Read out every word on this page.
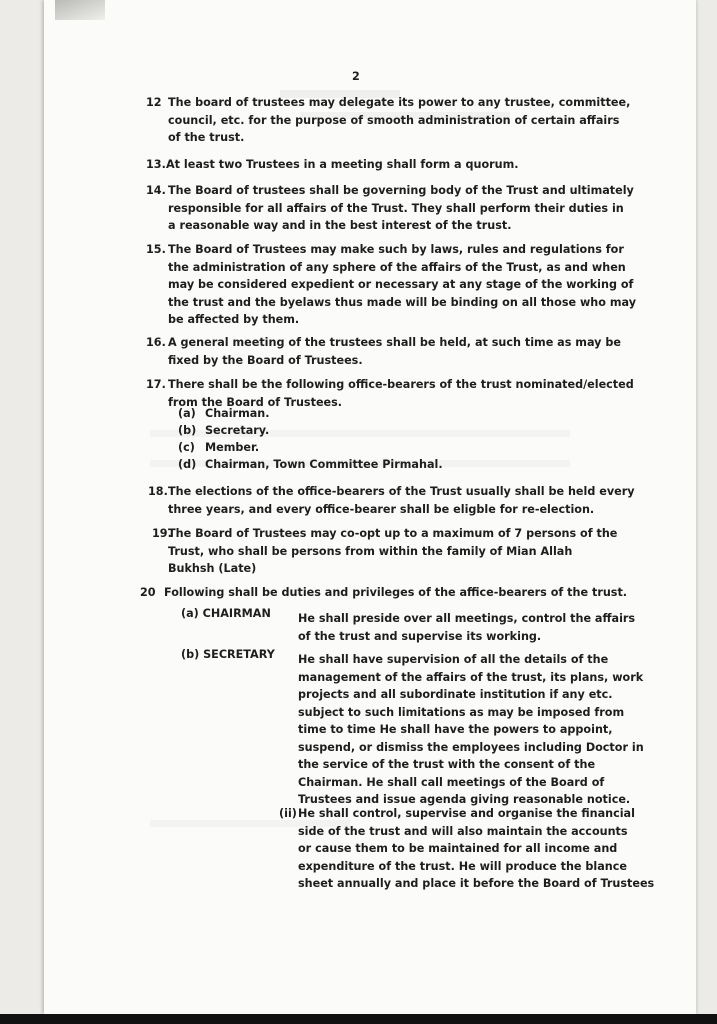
2
12 The board of trustees may delegate its power to any trustee, committee,
council, etc. for the purpose of smooth administration of certain affairs
of the trust.
13. At least two Trustees in a meeting shall form a quorum.
14. The Board of trustees shall be governing body of the Trust and ultimately
responsible for all affairs of the Trust. They shall perform their duties in
a reasonable way and in the best interest of the trust.
15. The Board of Trustees may make such by laws, rules and regulations for
the administration of any sphere of the affairs of the Trust, as and when
may be considered expedient or necessary at any stage of the working of
the trust and the byelaws thus made will be binding on all those who may
be affected by them.
16. A general meeting of the trustees shall be held, at such time as may be
fixed by the Board of Trustees.
17. There shall be the following office-bearers of the trust nominated/elected
from the Board of Trustees.
(a) Chairman.
(b) Secretary.
(c) Member.
(d) Chairman, Town Committee Pirmahal.
18. The elections of the office-bearers of the Trust usually shall be held every
three years, and every office-bearer shall be eligble for re-election.
19.
The Board of Trustees may co-opt up to a maximum of 7 persons of the
Trust, who shall be persons from within the family of Mian Allah
Bukhsh (Late)
20 Following shall be duties and privileges of the affice-bearers of the trust.
(a) CHAIRMAN He shall preside over all meetings, control the affairs
of the trust and supervise its working.
(b) SECRETARY He shall have supervision of all the details of the
management of the affairs of the trust, its plans, work
projects and all subordinate institution if any etc.
subject to such limitations as may be imposed from
time to time He shall have the powers to appoint,
suspend, or dismiss the employees including Doctor in
the service of the trust with the consent of the
Chairman. He shall call meetings of the Board of
Trustees and issue agenda giving reasonable notice.
(ii) He shall control, supervise and organise the financial
side of the trust and will also maintain the accounts
or cause them to be maintained for all income and
expenditure of the trust. He will produce the blance
sheet annually and place it before the Board of Trustees
